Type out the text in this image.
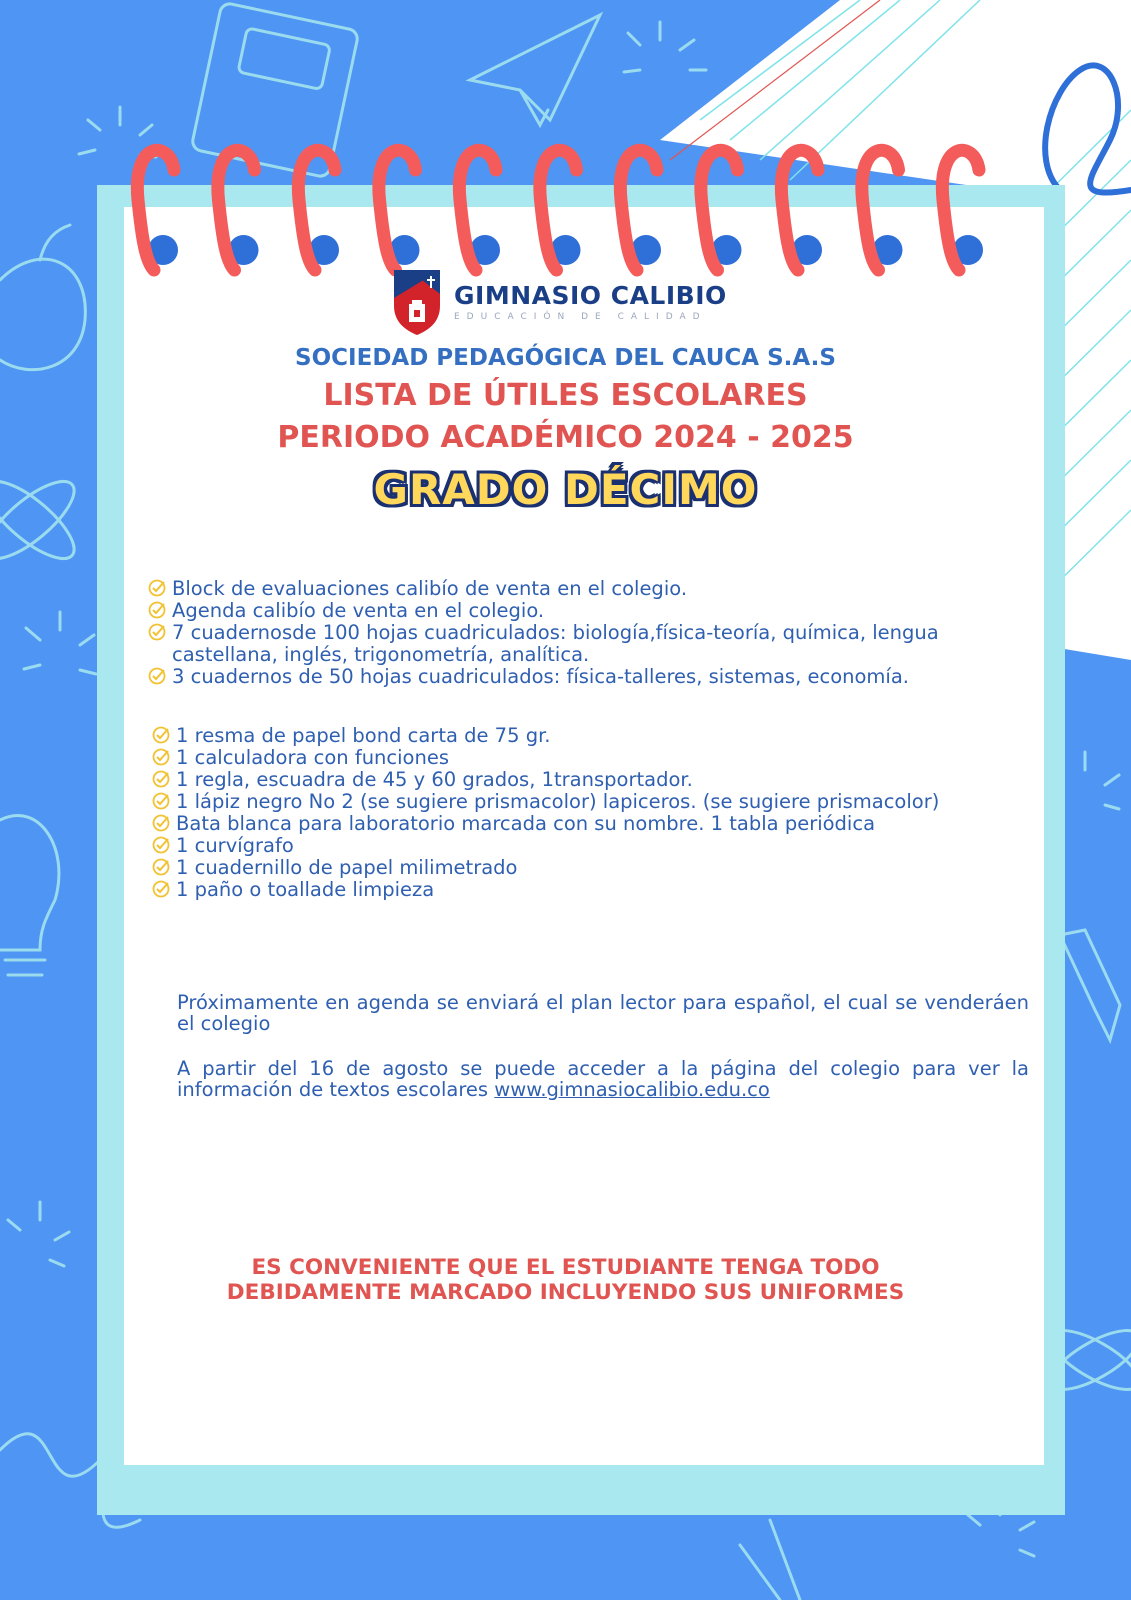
GIMNASIO CALIBIO
EDUCACIÓN DE CALIDAD
SOCIEDAD PEDAGÓGICA DEL CAUCA S.A.S
LISTA DE ÚTILES ESCOLARES
PERIODO ACADÉMICO 2024 - 2025
GRADO DÉCIMO
Block de evaluaciones calibío de venta en el colegio.
Agenda calibío de venta en el colegio.
7 cuadernosde 100 hojas cuadriculados: biología,física-teoría, química, lengua castellana, inglés, trigonometría, analítica.
3 cuadernos de 50 hojas cuadriculados: física-talleres, sistemas, economía.
1 resma de papel bond carta de 75 gr.
1 calculadora con funciones
1 regla, escuadra de 45 y 60 grados, 1transportador.
1 lápiz negro No 2 (se sugiere prismacolor) lapiceros. (se sugiere prismacolor)
Bata blanca para laboratorio marcada con su nombre. 1 tabla periódica
1 curvígrafo
1 cuadernillo de papel milimetrado
1 paño o toallade limpieza
Próximamente en agenda se enviará el plan lector para español, el cual se venderáen el colegio
A partir del 16 de agosto se puede acceder a la página del colegio para ver la información de textos escolares www.gimnasiocalibio.edu.co
ES CONVENIENTE QUE EL ESTUDIANTE TENGA TODO
DEBIDAMENTE MARCADO INCLUYENDO SUS UNIFORMES
